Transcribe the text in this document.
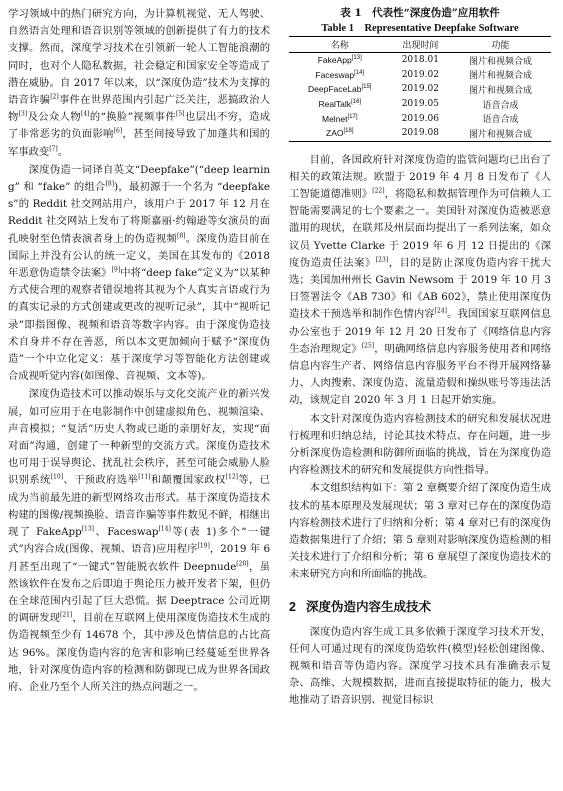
学习领域中的热门研究方向，为计算机视觉、无人驾驶、自然语言处理和语音识别等领域的创新提供了有力的技术支撑。然而，深度学习技术在引领新一轮人工智能浪潮的同时，也对个人隐私数据，社会稳定和国家安全等造成了潜在威胁。自 2017 年以来，以“深度伪造”技术为支撑的语音诈骗[2]事件在世界范围内引起广泛关注，恶搞政治人物[3]及公众人物[4]的“换脸”视频事件[5]也层出不穷，造成了非常恶劣的负面影响[6]，甚至间接导致了加蓬共和国的军事政变[7]。

深度伪造一词译自英文“Deepfake”(“deep learning” 和 “fake” 的组合[8])，最初源于一个名为 “deepfakes”的 Reddit 社交网站用户，该用户于 2017 年 12 月在 Reddit 社交网站上发布了将斯嘉丽·约翰逊等女演员的面孔映射至色情表演者身上的伪造视频[8]。深度伪造目前在国际上并没有公认的统一定义，美国在其发布的《2018 年恶意伪造禁令法案》[9]中将“deep fake”定义为“以某种方式使合理的观察者错误地将其视为个人真实言语或行为的真实记录的方式创建或更改的视听记录”，其中“视听记录”即指图像、视频和语音等数字内容。由于深度伪造技术自身并不存在善恶，所以本文更加倾向于赋予“深度伪造”一个中立化定义：基于深度学习等智能化方法创建或合成视听觉内容(如图像、音视频、文本等)。

深度伪造技术可以推动娱乐与文化交流产业的新兴发展，如可应用于在电影制作中创建虚拟角色、视频渲染、声音模拟；“复活”历史人物或已逝的亲朋好友，实现“面对面”沟通，创建了一种新型的交流方式。深度伪造技术也可用于误导舆论、扰乱社会秩序，甚至可能会威胁人脸识别系统[10]、干预政府选举[11]和颠覆国家政权[12]等，已成为当前最先进的新型网络攻击形式。基于深度伪造技术构建的图像/视频换脸、语音诈骗等事件数见不鲜，相继出现了 FakeApp[13]、Faceswap[14]等(表 1)多个“一键式”内容合成(图像、视频、语音)应用程序[19]，2019 年 6 月甚至出现了“一键式”智能脱衣软件 Deepnude[20]，虽然该软件在发布之后即迫于舆论压力被开发者下架，但仍在全球范围内引起了巨大恐慌。据 Deeptrace 公司近期的调研发现[21]，目前在互联网上使用深度伪造技术生成的伪造视频至少有 14678 个，其中涉及色情信息的占比高达 96%。深度伪造内容的危害和影响已经蔓延至世界各地，针对深度伪造内容的检测和防御现已成为世界各国政府、企业乃至个人所关注的热点问题之一。

表 1　代表性“深度伪造”应用软件
Table 1　Representative Deepfake Software
名称	出现时间	功能
FakeApp[13]	2018.01	图片和视频合成
Faceswap[14]	2019.02	图片和视频合成
DeepFaceLab[15]	2019.02	图片和视频合成
RealTalk[16]	2019.05	语音合成
Melnet[17]	2019.06	语音合成
ZAO[18]	2019.08	图片和视频合成

目前，各国政府针对深度伪造的监管问题均已出台了相关的政策法规。欧盟于 2019 年 4 月 8 日发布了《人工智能道德准则》[22]，将隐私和数据管理作为可信赖人工智能需要满足的七个要素之一。美国针对深度伪造被恶意滥用的现状，在联邦及州层面均提出了一系列法案，如众议员 Yvette Clarke 于 2019 年 6 月 12 日提出的《深度伪造责任法案》[23]，目的是防止深度伪造内容干扰大选；美国加州州长 Gavin Newsom 于 2019 年 10 月 3 日签署法令《AB 730》和《AB 602》，禁止使用深度伪造技术干预选举和制作色情内容[24]。我国国家互联网信息办公室也于 2019 年 12 月 20 日发布了《网络信息内容生态治理规定》[25]，明确网络信息内容服务使用者和网络信息内容生产者、网络信息内容服务平台不得开展网络暴力、人肉搜索、深度伪造、流量造假和操纵账号等违法活动，该规定自 2020 年 3 月 1 日起开始实施。

本文针对深度伪造内容检测技术的研究和发展状况进行梳理和归纳总结，讨论其技术特点、存在问题，进一步分析深度伪造检测和防御所面临的挑战，旨在为深度伪造内容检测技术的研究和发展提供方向性指导。

本文组织结构如下：第 2 章概要介绍了深度伪造生成技术的基本原理及发展现状；第 3 章对已存在的深度伪造内容检测技术进行了归纳和分析；第 4 章对已有的深度伪造数据集进行了介绍；第 5 章则对影响深度伪造检测的相关技术进行了介绍和分析；第 6 章展望了深度伪造技术的未来研究方向和所面临的挑战。

2 深度伪造内容生成技术

深度伪造内容生成工具多依赖于深度学习技术开发，任何人可通过现有的深度伪造软件(模型)轻松创建图像、视频和语音等伪造内容。深度学习技术具有准确表示复杂、高维、大规模数据，进而直接提取特征的能力，极大地推动了语音识别、视觉目标识
